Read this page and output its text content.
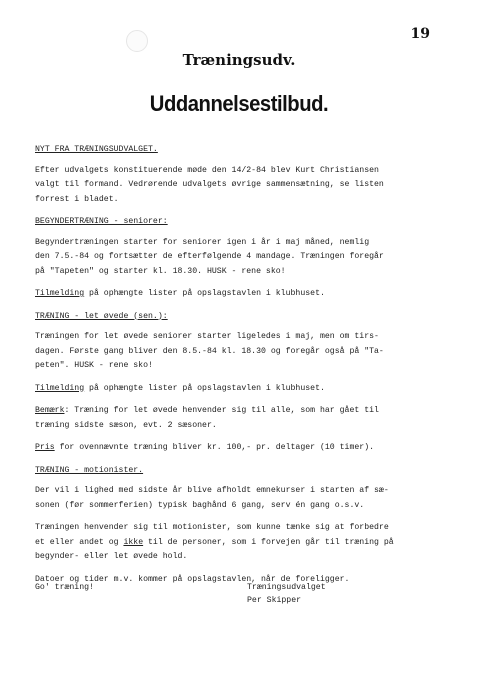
19
Træningsudv.
Uddannelsestilbud.

NYT FRA TRÆNINGSUDVALGET.

Efter udvalgets konstituerende møde den 14/2-84 blev Kurt Christiansen
valgt til formand. Vedrørende udvalgets øvrige sammensætning, se listen
forrest i bladet.

BEGYNDERTRÆNING - seniorer:

Begyndertræningen starter for seniorer igen i år i maj måned, nemlig
den 7.5.-84 og fortsætter de efterfølgende 4 mandage. Træningen foregår
på "Tapeten" og starter kl. 18.30. HUSK - rene sko!

Tilmelding på ophængte lister på opslagstavlen i klubhuset.

TRÆNING - let øvede (sen.):

Træningen for let øvede seniorer starter ligeledes i maj, men om tirs-
dagen. Første gang bliver den 8.5.-84 kl. 18.30 og foregår også på "Ta-
peten". HUSK - rene sko!

Tilmelding på ophængte lister på opslagstavlen i klubhuset.

Bemærk: Træning for let øvede henvender sig til alle, som har gået til
træning sidste sæson, evt. 2 sæsoner.

Pris for ovennævnte træning bliver kr. 100,- pr. deltager (10 timer).

TRÆNING - motionister.

Der vil i lighed med sidste år blive afholdt emnekurser i starten af sæ-
sonen (før sommerferien) typisk baghånd 6 gang, serv én gang o.s.v.

Træningen henvender sig til motionister, som kunne tænke sig at forbedre
et eller andet og ikke til de personer, som i forvejen går til træning på
begynder- eller let øvede hold.

Datoer og tider m.v. kommer på opslagstavlen, når de foreligger.

Go' træning!	Træningsudvalget
Per Skipper
